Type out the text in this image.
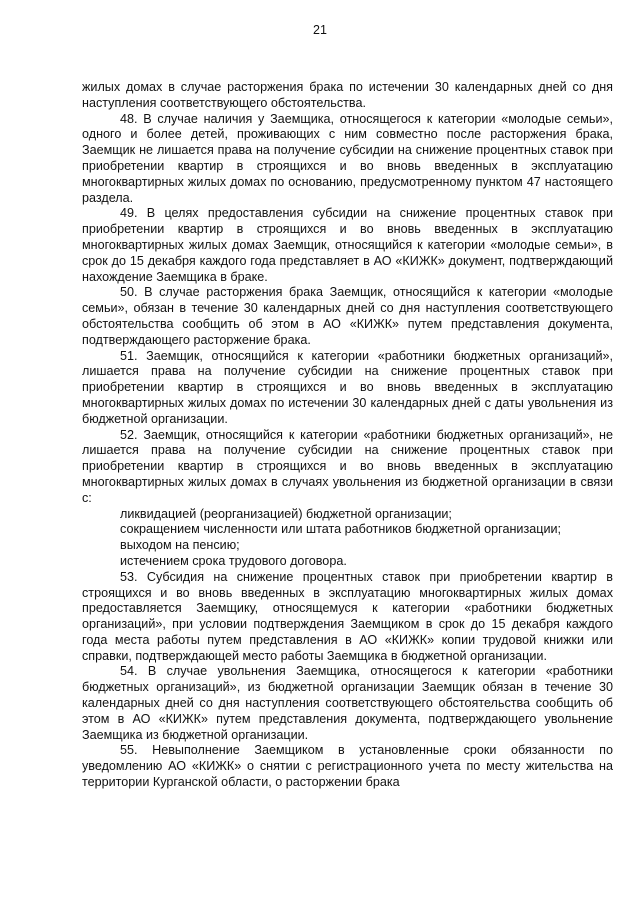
21

жилых домах в случае расторжения брака по истечении 30 календарных дней со дня наступления соответствующего обстоятельства.

48. В случае наличия у Заемщика, относящегося к категории «молодые семьи», одного и более детей, проживающих с ним совместно после расторжения брака, Заемщик не лишается права на получение субсидии на снижение процентных ставок при приобретении квартир в строящихся и во вновь введенных в эксплуатацию многоквартирных жилых домах по основанию, предусмотренному пунктом 47 настоящего раздела.

49. В целях предоставления субсидии на снижение процентных ставок при приобретении квартир в строящихся и во вновь введенных в эксплуатацию многоквартирных жилых домах Заемщик, относящийся к категории «молодые семьи», в срок до 15 декабря каждого года представляет в АО «КИЖК» документ, подтверждающий нахождение Заемщика в браке.

50. В случае расторжения брака Заемщик, относящийся к категории «молодые семьи», обязан в течение 30 календарных дней со дня наступления соответствующего обстоятельства сообщить об этом в АО «КИЖК» путем представления документа, подтверждающего расторжение брака.

51. Заемщик, относящийся к категории «работники бюджетных организаций», лишается права на получение субсидии на снижение процентных ставок при приобретении квартир в строящихся и во вновь введенных в эксплуатацию многоквартирных жилых домах по истечении 30 календарных дней с даты увольнения из бюджетной организации.

52. Заемщик, относящийся к категории «работники бюджетных организаций», не лишается права на получение субсидии на снижение процентных ставок при приобретении квартир в строящихся и во вновь введенных в эксплуатацию многоквартирных жилых домах в случаях увольнения из бюджетной организации в связи с:

ликвидацией (реорганизацией) бюджетной организации;

сокращением численности или штата работников бюджетной организации;

выходом на пенсию;

истечением срока трудового договора.

53. Субсидия на снижение процентных ставок при приобретении квартир в строящихся и во вновь введенных в эксплуатацию многоквартирных жилых домах предоставляется Заемщику, относящемуся к категории «работники бюджетных организаций», при условии подтверждения Заемщиком в срок до 15 декабря каждого года места работы путем представления в АО «КИЖК» копии трудовой книжки или справки, подтверждающей место работы Заемщика в бюджетной организации.

54. В случае увольнения Заемщика, относящегося к категории «работники бюджетных организаций», из бюджетной организации Заемщик обязан в течение 30 календарных дней со дня наступления соответствующего обстоятельства сообщить об этом в АО «КИЖК» путем представления документа, подтверждающего увольнение Заемщика из бюджетной организации.

55. Невыполнение Заемщиком в установленные сроки обязанности по уведомлению АО «КИЖК» о снятии с регистрационного учета по месту жительства на территории Курганской области, о расторжении брака
